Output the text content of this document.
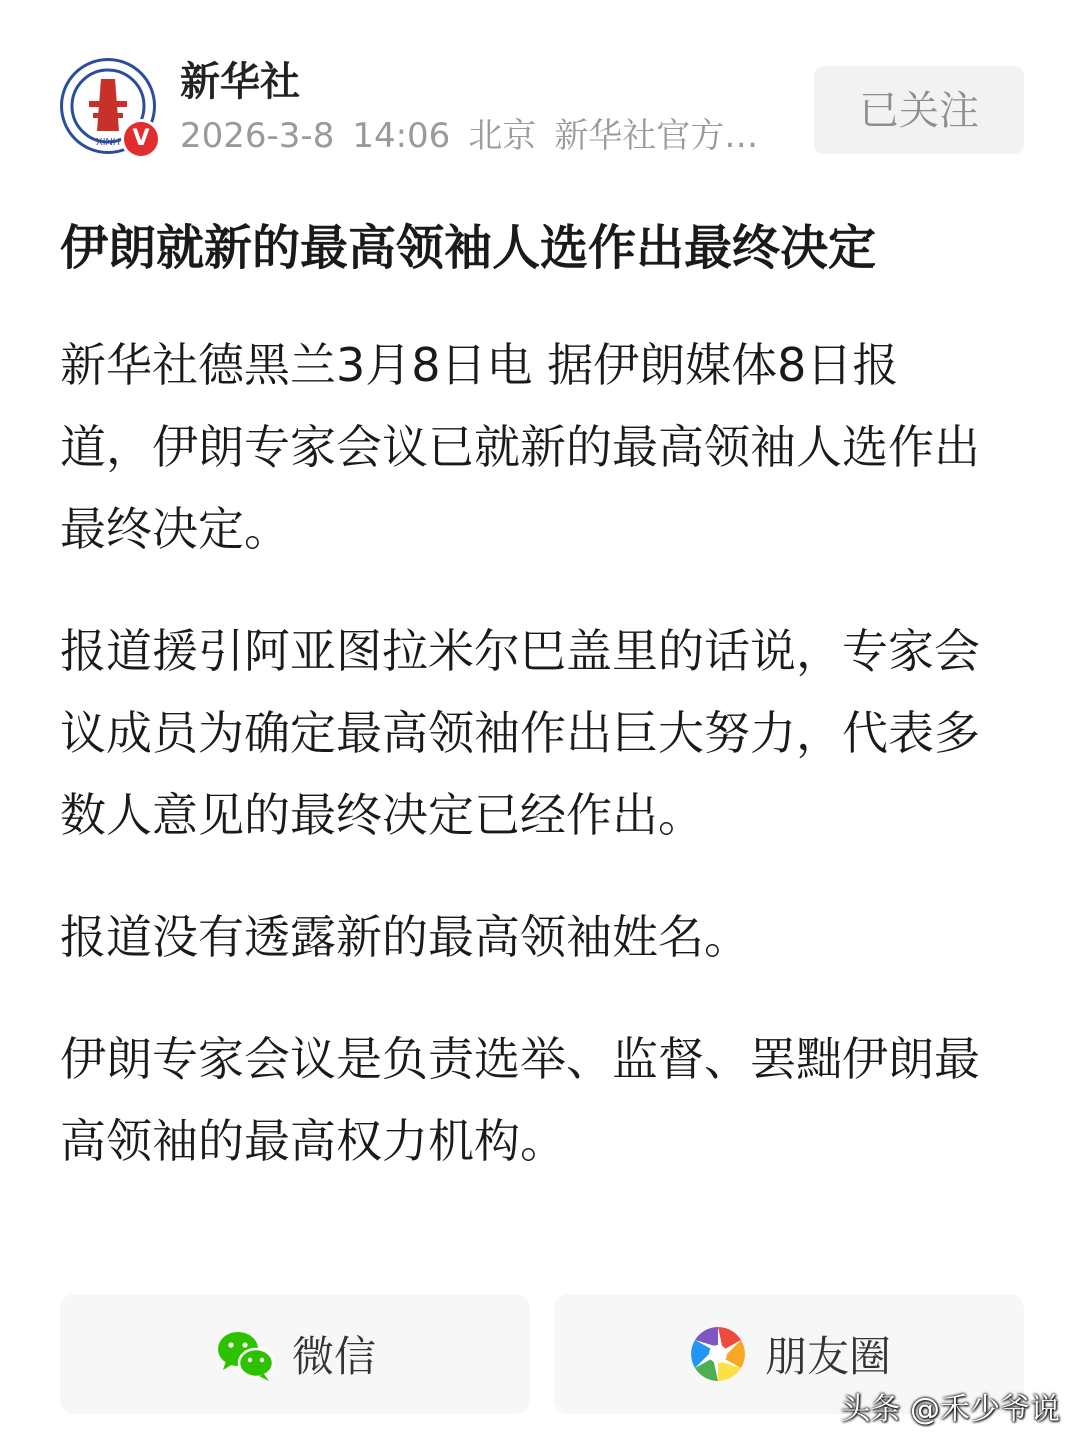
XINH V
新华社
2026-3-8 14:06 北京 新华社官方…
已关注
伊朗就新的最高领袖人选作出最终决定

新华社德黑兰3月8日电 据伊朗媒体8日报道，伊朗专家会议已就新的最高领袖人选作出最终决定。

报道援引阿亚图拉米尔巴盖里的话说，专家会议成员为确定最高领袖作出巨大努力，代表多数人意见的最终决定已经作出。

报道没有透露新的最高领袖姓名。

伊朗专家会议是负责选举、监督、罢黜伊朗最高领袖的最高权力机构。

微信	朋友圈
头条 @禾少爷说
